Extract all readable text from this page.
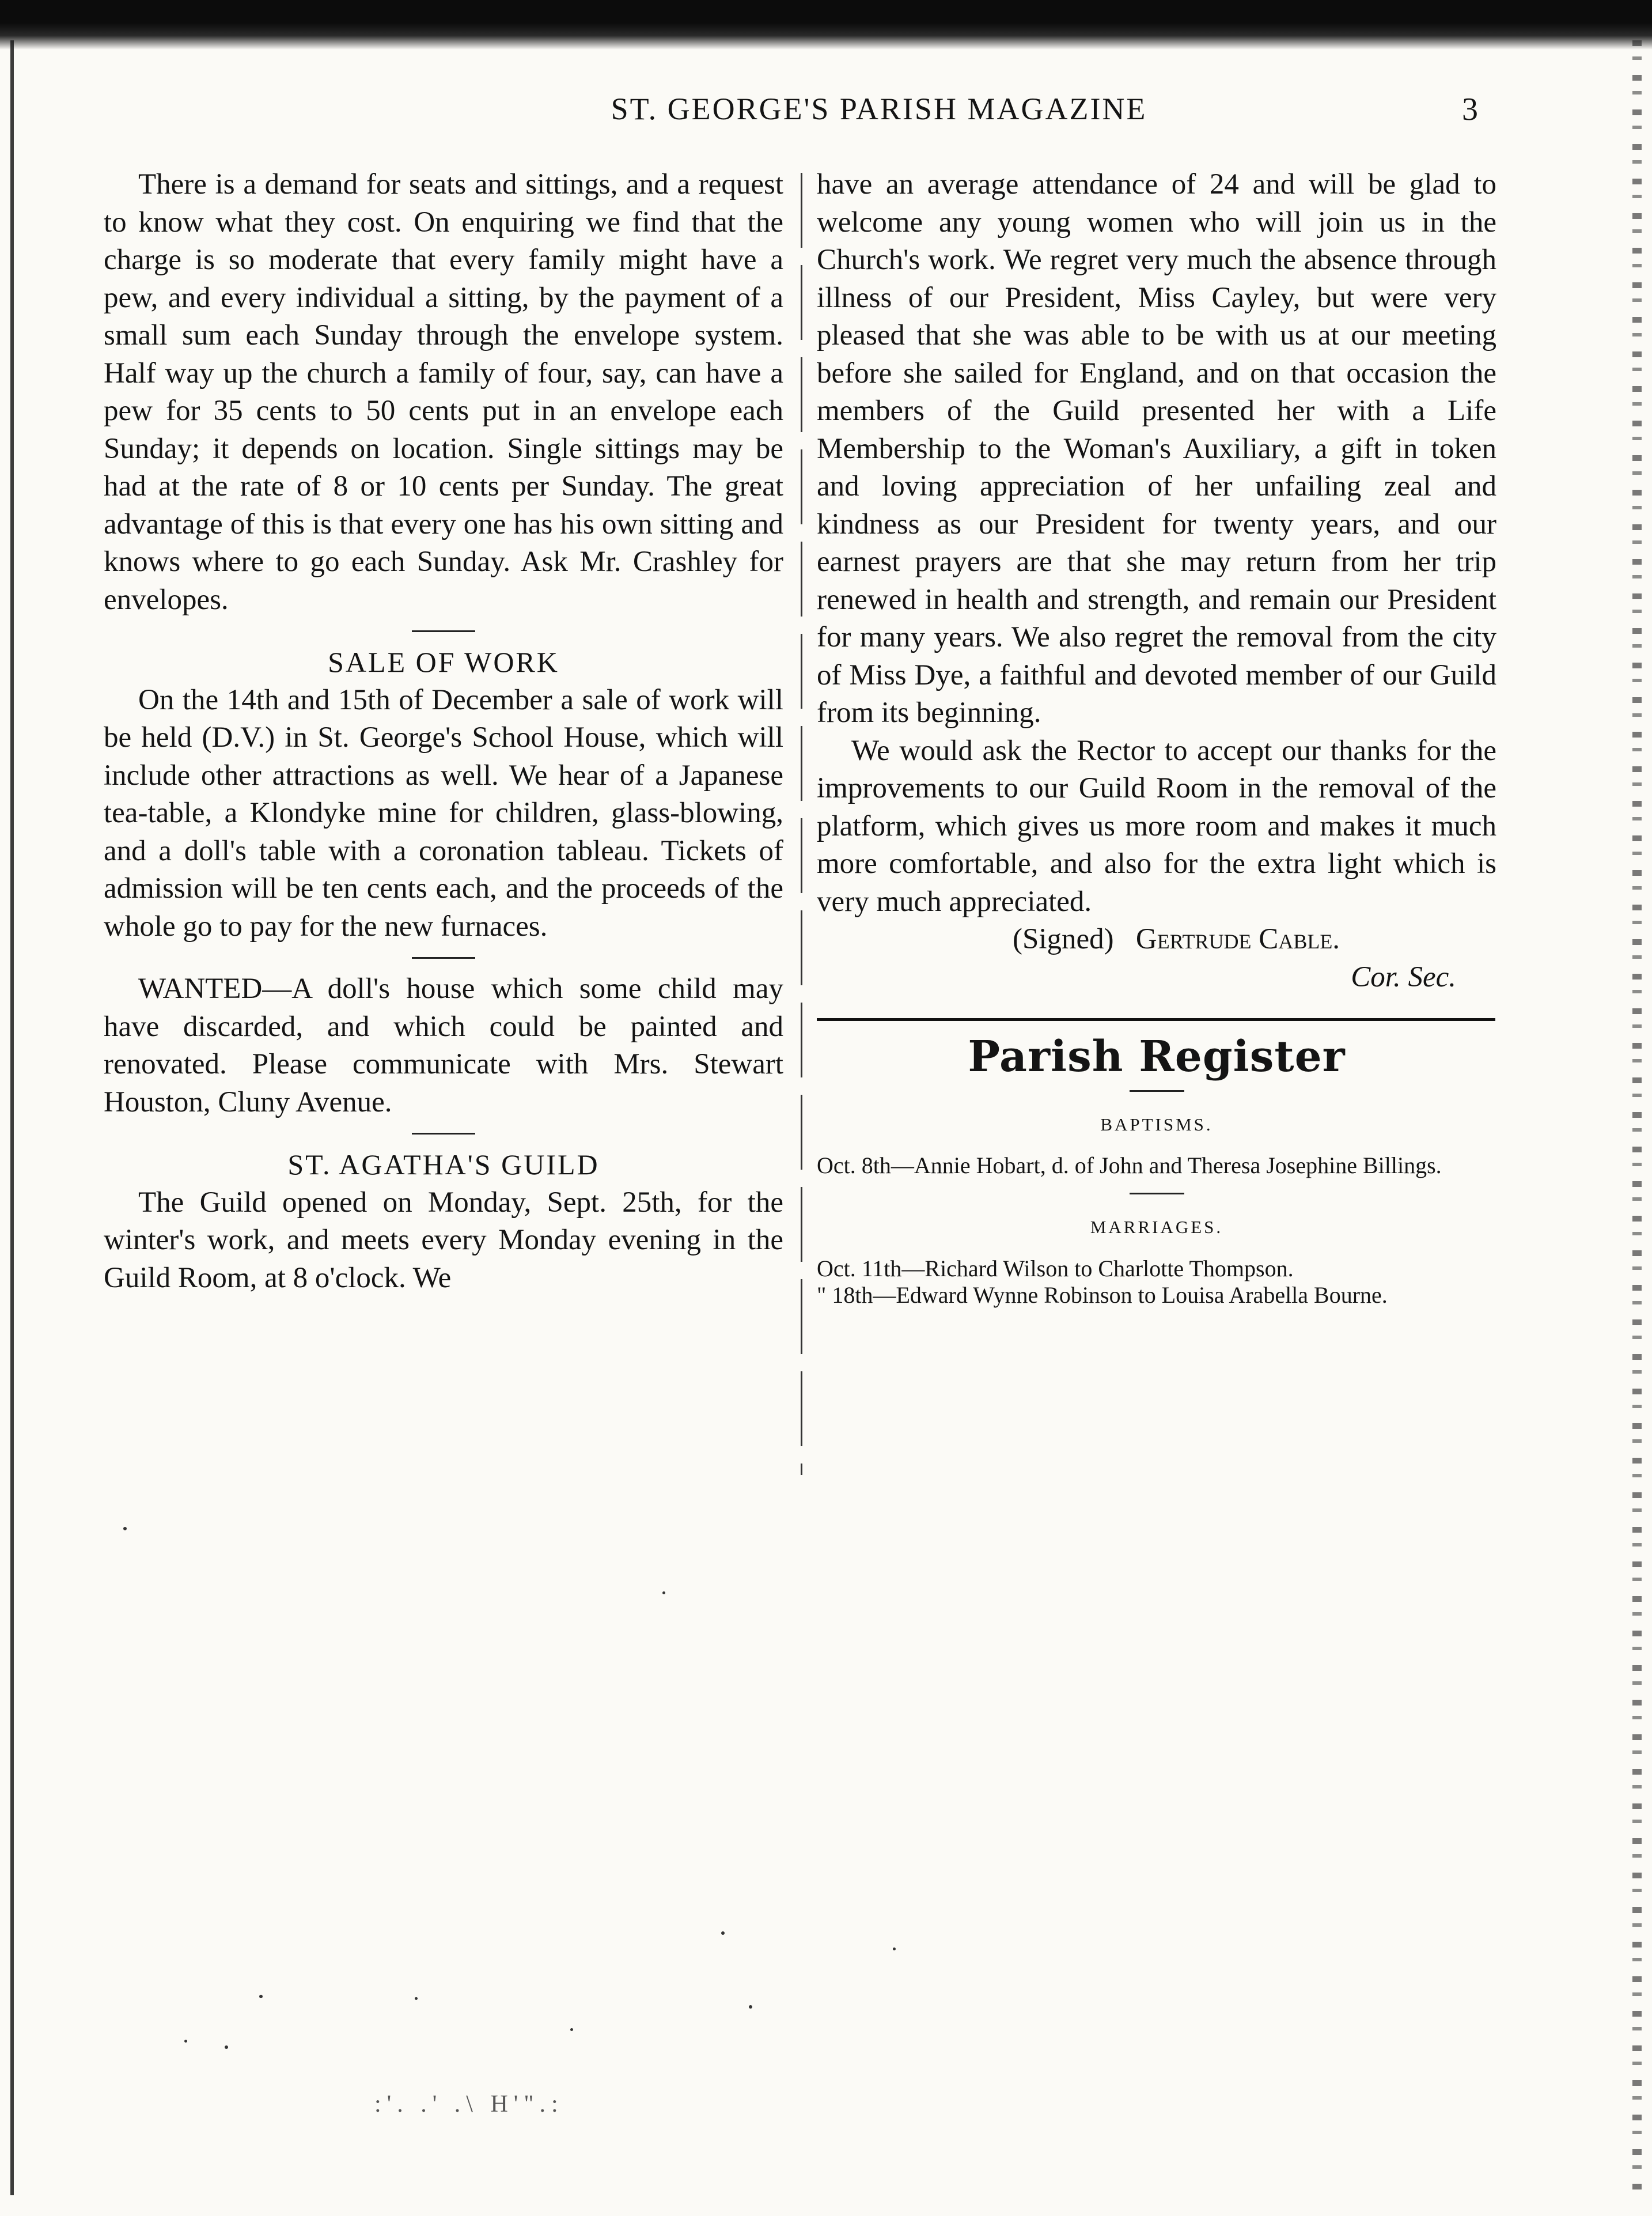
ST. GEORGE'S PARISH MAGAZINE	3

There is a demand for seats and sittings, and a request to know what they cost. On enquiring we find that the charge is so moderate that every family might have a pew, and every individual a sitting, by the payment of a small sum each Sunday through the envelope system. Half way up the church a family of four, say, can have a pew for 35 cents to 50 cents put in an envelope each Sunday; it depends on location. Single sittings may be had at the rate of 8 or 10 cents per Sunday. The great advantage of this is that every one has his own sitting and knows where to go each Sunday. Ask Mr. Crashley for envelopes.

SALE OF WORK

On the 14th and 15th of December a sale of work will be held (D.V.) in St. George's School House, which will include other attractions as well. We hear of a Japanese tea-table, a Klondyke mine for children, glass-blowing, and a doll's table with a coronation tableau. Tickets of admission will be ten cents each, and the proceeds of the whole go to pay for the new furnaces.

WANTED—A doll's house which some child may have discarded, and which could be painted and renovated. Please communicate with Mrs. Stewart Houston, Cluny Avenue.

ST. AGATHA'S GUILD

The Guild opened on Monday, Sept. 25th, for the winter's work, and meets every Monday evening in the Guild Room, at 8 o'clock. We

have an average attendance of 24 and will be glad to welcome any young women who will join us in the Church's work. We regret very much the absence through illness of our President, Miss Cayley, but were very pleased that she was able to be with us at our meeting before she sailed for England, and on that occasion the members of the Guild presented her with a Life Membership to the Woman's Auxiliary, a gift in token and loving appreciation of her unfailing zeal and kindness as our President for twenty years, and our earnest prayers are that she may return from her trip renewed in health and strength, and remain our President for many years. We also regret the removal from the city of Miss Dye, a faithful and devoted member of our Guild from its beginning.

We would ask the Rector to accept our thanks for the improvements to our Guild Room in the removal of the platform, which gives us more room and makes it much more comfortable, and also for the extra light which is very much appreciated.

(Signed) Gertrude Cable.

Cor. Sec.

Parish Register
BAPTISMS.
Oct. 8th—Annie Hobart, d. of John and Theresa Josephine Billings.
MARRIAGES.
Oct. 11th—Richard Wilson to Charlotte Thompson.
" 18th—Edward Wynne Robinson to Louisa Arabella Bourne.
:'. .' .\ H'".:
